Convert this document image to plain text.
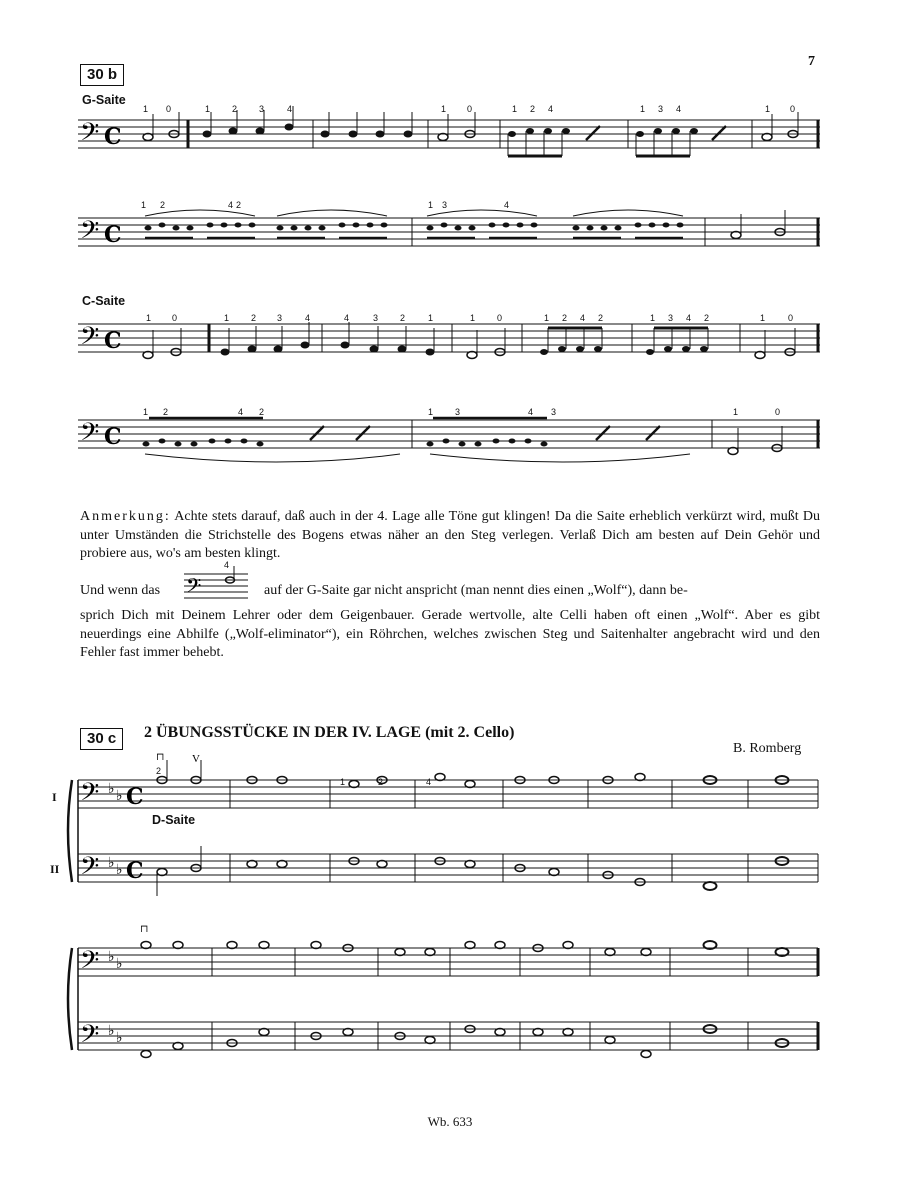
7
30 b
G-Saite
C-Saite
𝄢 C
1 0	1 2 3	4	1 0	1 2 4	1 3 4	1 0
𝄢 C
1 2	4 2	1 3	4
𝄢 C
1 0	1 2 3	4	4	3 2	1	1 0	1 2 4 2	1 3 4 2	1	0
𝄢 C
1 2	4 2	1 3	4 3	1	0
Anmerkung: Achte stets darauf, daß auch in der 4. Lage alle Töne gut klingen! Da die Saite erheblich verkürzt wird, mußt Du unter Umständen die Strichstelle des Bogens etwas näher an den Steg verlegen. Verlaß Dich am besten auf Dein Gehör und probiere aus, wo's am besten klingt.
Und wenn das 𝄢
4
auf der G-Saite gar nicht anspricht (man nennt dies einen „Wolf“), dann be-
sprich Dich mit Deinem Lehrer oder dem Geigenbauer. Gerade wertvolle, alte Celli haben oft einen „Wolf“. Aber es gibt neuerdings eine Abhilfe („Wolf-eliminator“), ein Röhrchen, welches zwischen Steg und Saitenhalter angebracht wird und den Fehler fast immer behebt.
30 c	2 ÜBUNGSSTÜCKE IN DER IV. LAGE (mit 2. Cello)
B. Romberg
I
II
D-Saite
1	2	4
2
𝄢
𝄢
♭ ♭
♭ ♭
C
C
⊓	V
𝄢
𝄢
♭ ♭
♭ ♭
⊓
Wb. 633
